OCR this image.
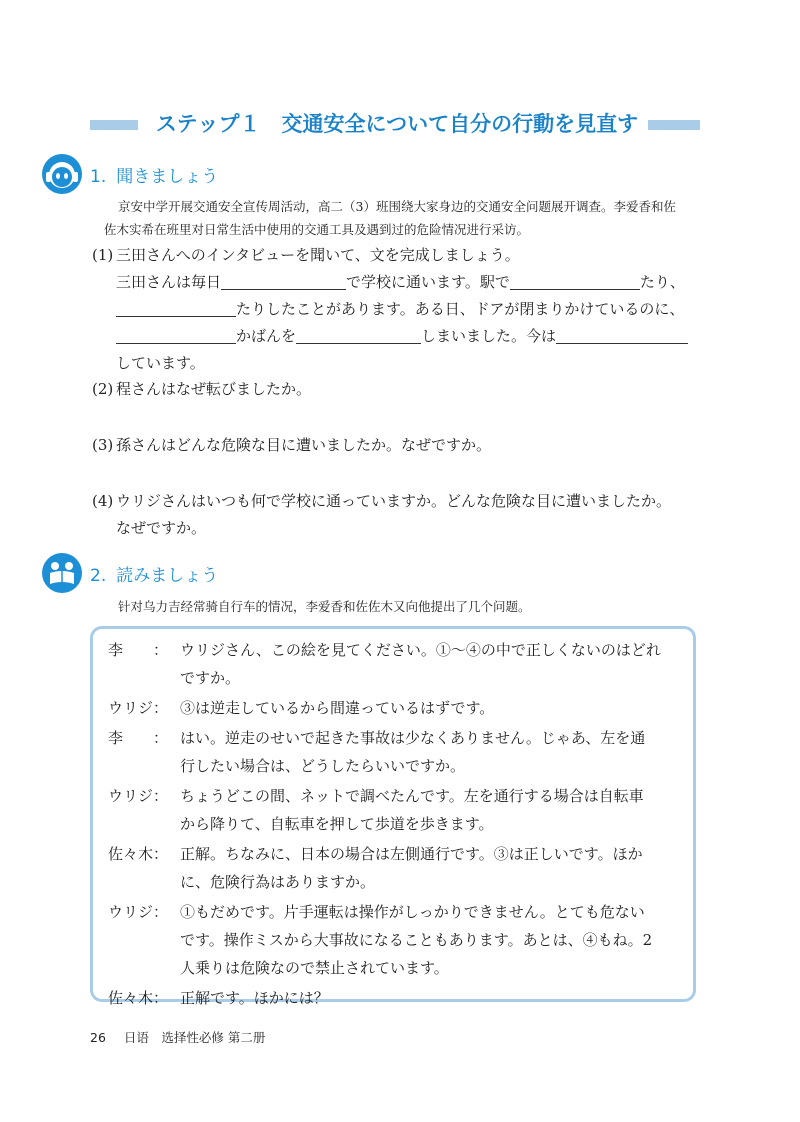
ステップ１　交通安全について自分の行動を見直す
1. 聞きましょう
京安中学开展交通安全宣传周活动，高二（3）班围绕大家身边的交通安全问题展开调查。李爱香和佐
佐木实希在班里对日常生活中使用的交通工具及遇到过的危险情况进行采访。
(1) 三田さんへのインタビューを聞いて、文を完成しましょう。
三田さんは毎日	で学校に通います。駅で	たり、
たりしたことがあります。ある日、ドアが閉まりかけているのに、
かばんを	しまいました。今は
しています。
(2) 程さんはなぜ転びましたか。
(3) 孫さんはどんな危険な目に遭いましたか。なぜですか。
(4) ウリジさんはいつも何で学校に通っていますか。どんな危険な目に遭いましたか。
なぜですか。
2. 読みましょう
针对乌力吉经常骑自行车的情况，李爱香和佐佐木又向他提出了几个问题。
李　　： ウリジさん、この絵を見てください。①～④の中で正しくないのはどれ
ですか。
ウリジ： ③は逆走しているから間違っているはずです。
李　　： はい。逆走のせいで起きた事故は少なくありません。じゃあ、左を通
行したい場合は、どうしたらいいですか。
ウリジ： ちょうどこの間、ネットで調べたんです。左を通行する場合は自転車
から降りて、自転車を押して歩道を歩きます。
佐々木： 正解。ちなみに、日本の場合は左側通行です。③は正しいです。ほか
に、危険行為はありますか。
ウリジ： ①もだめです。片手運転は操作がしっかりできません。とても危ない
です。操作ミスから大事故になることもあります。あとは、④もね。2
人乗りは危険なので禁止されています。
佐々木： 正解です。ほかには？
26 日语　选择性必修 第二册
